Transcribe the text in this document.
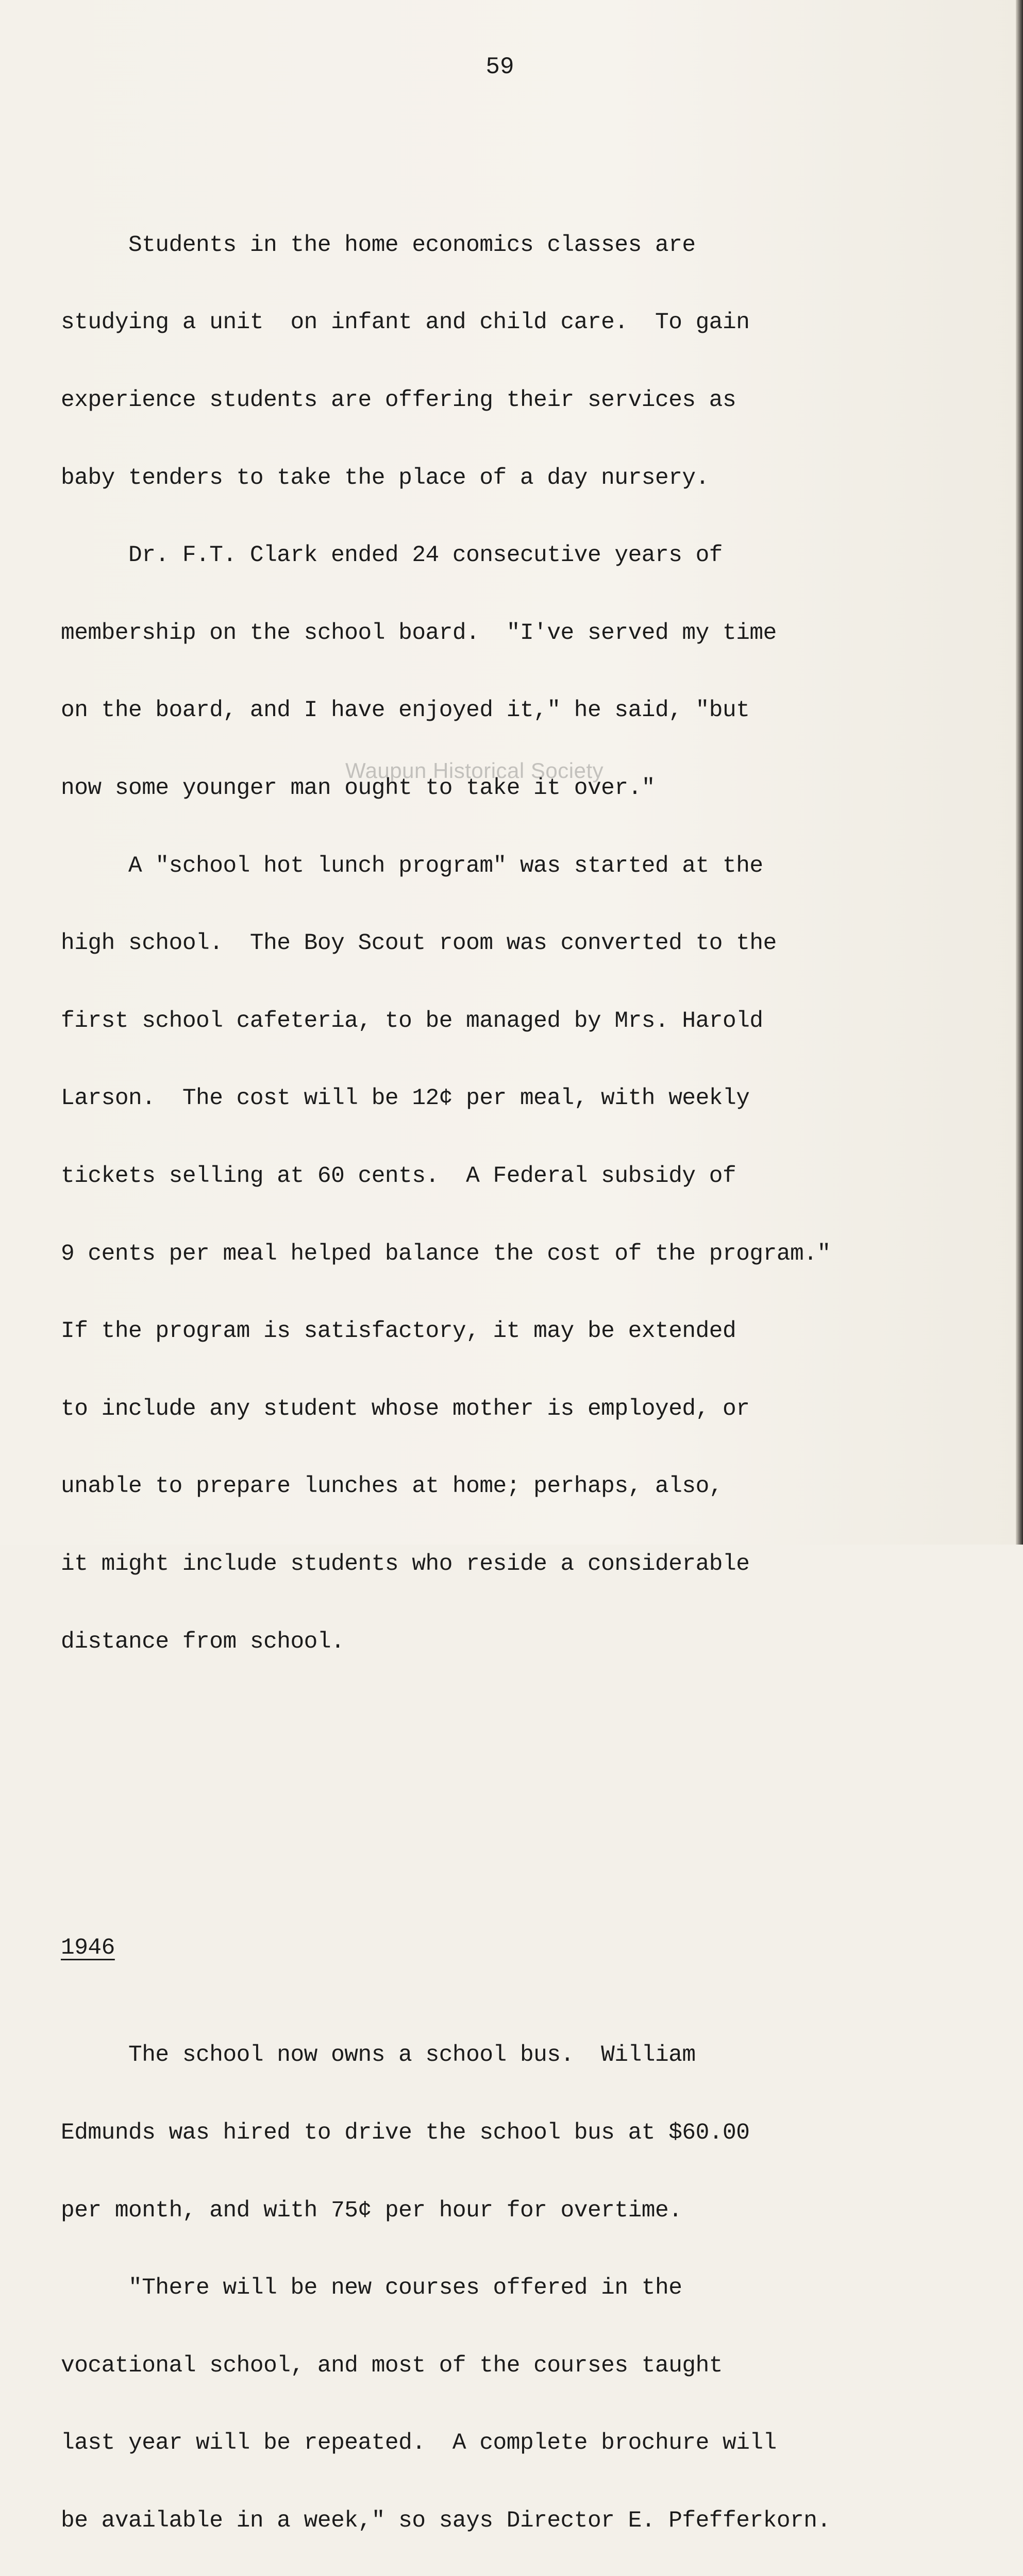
59

Students in the home economics classes are

studying a unit  on infant and child care.  To gain

experience students are offering their services as

baby tenders to take the place of a day nursery.

Dr. F.T. Clark ended 24 consecutive years of

membership on the school board.  "I've served my time

on the board, and I have enjoyed it," he said, "but

now some younger man ought to take it over."

A "school hot lunch program" was started at the

high school.  The Boy Scout room was converted to the

first school cafeteria, to be managed by Mrs. Harold

Larson.  The cost will be 12¢ per meal, with weekly

tickets selling at 60 cents.  A Federal subsidy of

9 cents per meal helped balance the cost of the program."

If the program is satisfactory, it may be extended

to include any student whose mother is employed, or

unable to prepare lunches at home; perhaps, also,

it might include students who reside a considerable

distance from school.

1946

The school now owns a school bus.  William

Edmunds was hired to drive the school bus at $60.00

per month, and with 75¢ per hour for overtime.

"There will be new courses offered in the

vocational school, and most of the courses taught

last year will be repeated.  A complete brochure will

be available in a week," so says Director E. Pfefferkorn.

Waupun Historical Society
